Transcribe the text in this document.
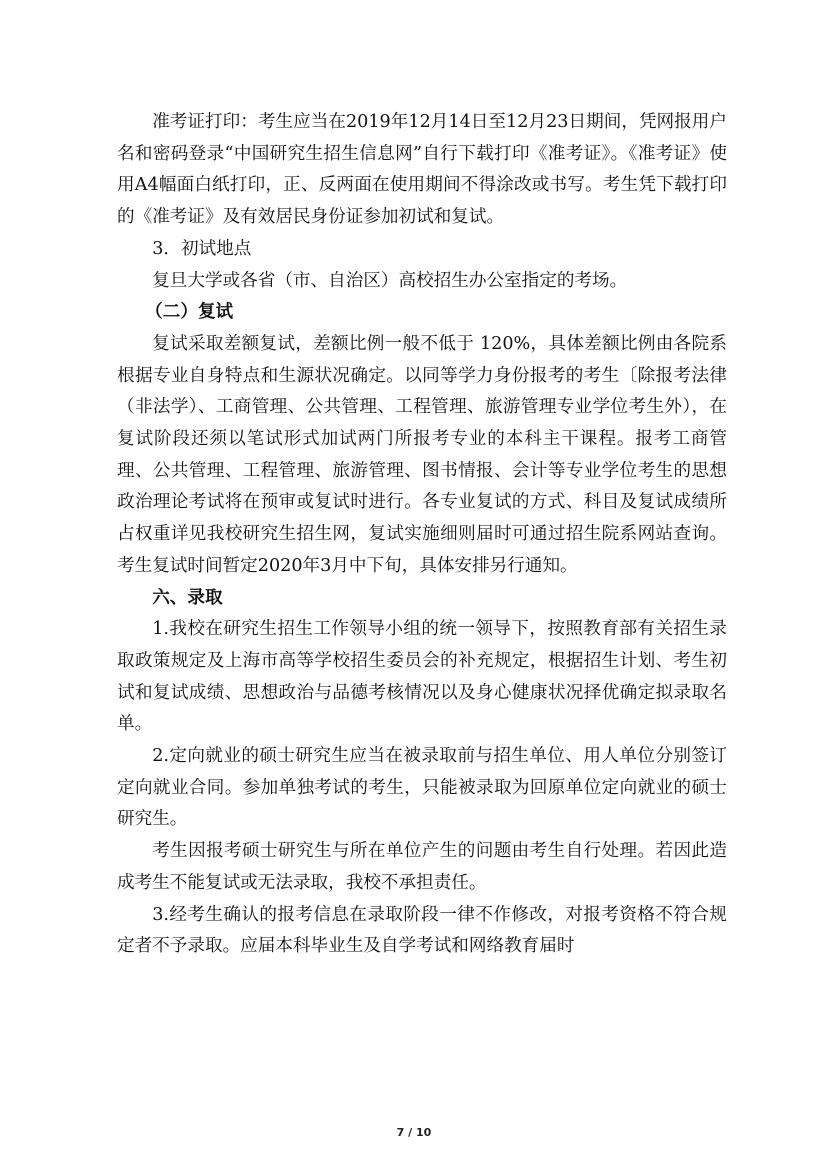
准考证打印：考生应当在2019年12月14日至12月23日期间，凭网报用户名和密码登录“中国研究生招生信息网”自行下载打印《准考证》。《准考证》使用A4幅面白纸打印，正、反两面在使用期间不得涂改或书写。考生凭下载打印的《准考证》及有效居民身份证参加初试和复试。

3．初试地点

复旦大学或各省（市、自治区）高校招生办公室指定的考场。

（二）复试

复试采取差额复试，差额比例一般不低于 120%，具体差额比例由各院系根据专业自身特点和生源状况确定。以同等学力身份报考的考生〔除报考法律（非法学）、工商管理、公共管理、工程管理、旅游管理专业学位考生外），在复试阶段还须以笔试形式加试两门所报考专业的本科主干课程。报考工商管理、公共管理、工程管理、旅游管理、图书情报、会计等专业学位考生的思想政治理论考试将在预审或复试时进行。各专业复试的方式、科目及复试成绩所占权重详见我校研究生招生网，复试实施细则届时可通过招生院系网站查询。考生复试时间暂定2020年3月中下旬，具体安排另行通知。

六、录取

1.我校在研究生招生工作领导小组的统一领导下，按照教育部有关招生录取政策规定及上海市高等学校招生委员会的补充规定，根据招生计划、考生初试和复试成绩、思想政治与品德考核情况以及身心健康状况择优确定拟录取名单。

2.定向就业的硕士研究生应当在被录取前与招生单位、用人单位分别签订定向就业合同。参加单独考试的考生，只能被录取为回原单位定向就业的硕士研究生。

考生因报考硕士研究生与所在单位产生的问题由考生自行处理。若因此造成考生不能复试或无法录取，我校不承担责任。

3.经考生确认的报考信息在录取阶段一律不作修改，对报考资格不符合规定者不予录取。应届本科毕业生及自学考试和网络教育届时

7 / 10
